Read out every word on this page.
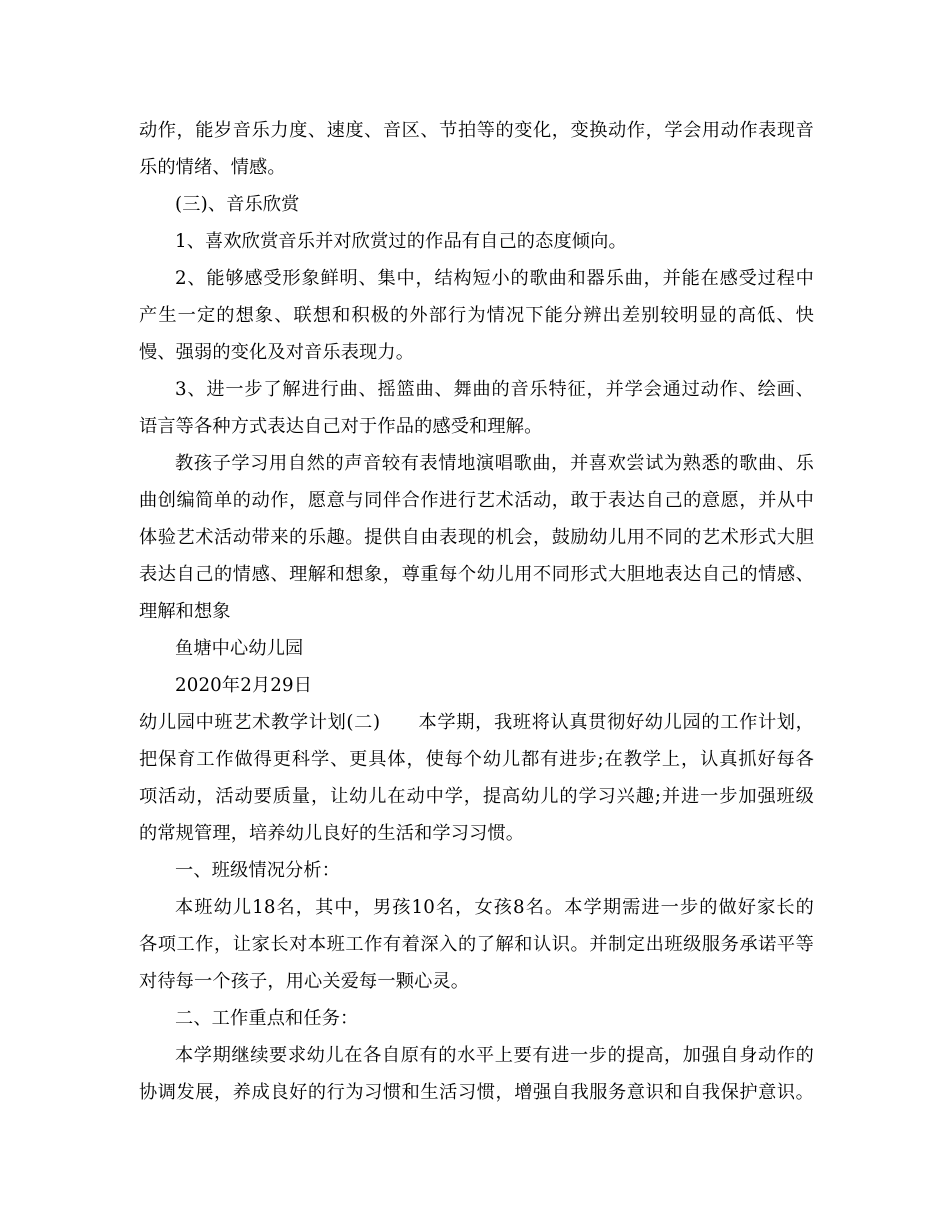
动作，能岁音乐力度、速度、音区、节拍等的变化，变换动作，学会用动作表现音
乐的情绪、情感。
(三)、音乐欣赏
1、喜欢欣赏音乐并对欣赏过的作品有自己的态度倾向。
2、能够感受形象鲜明、集中，结构短小的歌曲和器乐曲，并能在感受过程中
产生一定的想象、联想和积极的外部行为情况下能分辨出差别较明显的高低、快
慢、强弱的变化及对音乐表现力。
3、进一步了解进行曲、摇篮曲、舞曲的音乐特征，并学会通过动作、绘画、
语言等各种方式表达自己对于作品的感受和理解。
教孩子学习用自然的声音较有表情地演唱歌曲，并喜欢尝试为熟悉的歌曲、乐
曲创编简单的动作，愿意与同伴合作进行艺术活动，敢于表达自己的意愿，并从中
体验艺术活动带来的乐趣。提供自由表现的机会，鼓励幼儿用不同的艺术形式大胆
表达自己的情感、理解和想象，尊重每个幼儿用不同形式大胆地表达自己的情感、
理解和想象
鱼塘中心幼儿园
2020年2月29日
幼儿园中班艺术教学计划(二)　　本学期，我班将认真贯彻好幼儿园的工作计划，
把保育工作做得更科学、更具体，使每个幼儿都有进步;在教学上，认真抓好每各
项活动，活动要质量，让幼儿在动中学，提高幼儿的学习兴趣;并进一步加强班级
的常规管理，培养幼儿良好的生活和学习习惯。
一、班级情况分析：
本班幼儿18名，其中，男孩10名，女孩8名。本学期需进一步的做好家长的
各项工作，让家长对本班工作有着深入的了解和认识。并制定出班级服务承诺平等
对待每一个孩子，用心关爱每一颗心灵。
二、工作重点和任务：
本学期继续要求幼儿在各自原有的水平上要有进一步的提高，加强自身动作的
协调发展，养成良好的行为习惯和生活习惯，增强自我服务意识和自我保护意识。
